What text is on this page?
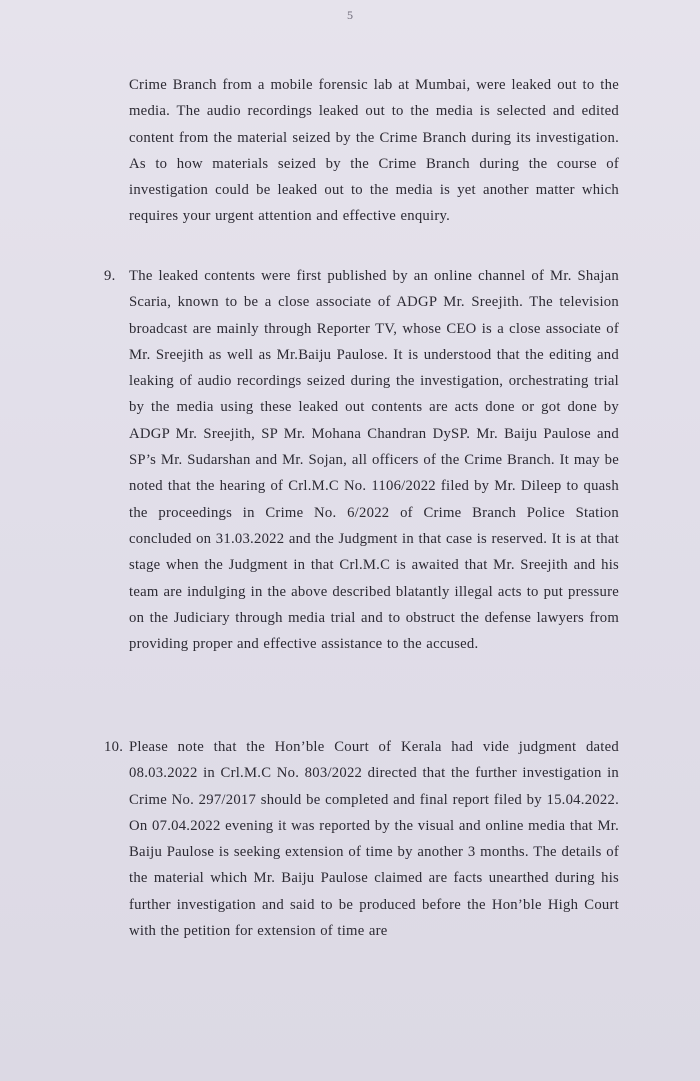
5

Crime Branch from a mobile forensic lab at Mumbai, were leaked out to the media. The audio recordings leaked out to the media is selected and edited content from the material seized by the Crime Branch during its investigation. As to how materials seized by the Crime Branch during the course of investigation could be leaked out to the media is yet another matter which requires your urgent attention and effective enquiry.

9. The leaked contents were first published by an online channel of Mr. Shajan Scaria, known to be a close associate of ADGP Mr. Sreejith. The television broadcast are mainly through Reporter TV, whose CEO is a close associate of Mr. Sreejith as well as Mr.Baiju Paulose. It is understood that the editing and leaking of audio recordings seized during the investigation, orchestrating trial by the media using these leaked out contents are acts done or got done by ADGP Mr. Sreejith, SP Mr. Mohana Chandran DySP. Mr. Baiju Paulose and SP’s Mr. Sudarshan and Mr. Sojan, all officers of the Crime Branch. It may be noted that the hearing of Crl.M.C No. 1106/2022 filed by Mr. Dileep to quash the proceedings in Crime No. 6/2022 of Crime Branch Police Station concluded on 31.03.2022 and the Judgment in that case is reserved. It is at that stage when the Judgment in that Crl.M.C is awaited that Mr. Sreejith and his team are indulging in the above described blatantly illegal acts to put pressure on the Judiciary through media trial and to obstruct the defense lawyers from providing proper and effective assistance to the accused.

10. Please note that the Hon’ble Court of Kerala had vide judgment dated 08.03.2022 in Crl.M.C No. 803/2022 directed that the further investigation in Crime No. 297/2017 should be completed and final report filed by 15.04.2022. On 07.04.2022 evening it was reported by the visual and online media that Mr. Baiju Paulose is seeking extension of time by another 3 months. The details of the material which Mr. Baiju Paulose claimed are facts unearthed during his further investigation and said to be produced before the Hon’ble High Court with the petition for extension of time are
